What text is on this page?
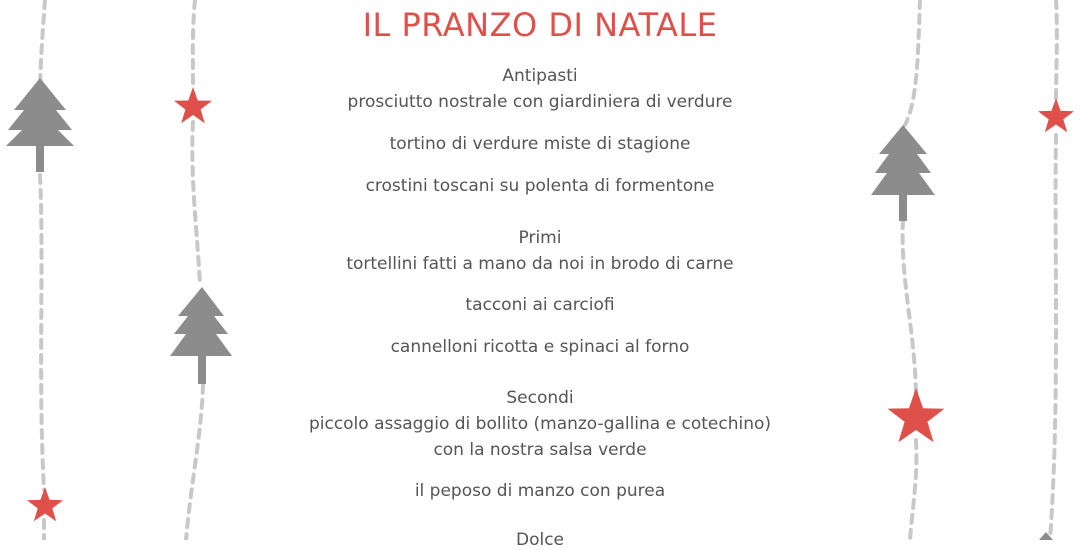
IL PRANZO DI NATALE
Antipasti
prosciutto nostrale con giardiniera di verdure
tortino di verdure miste di stagione
crostini toscani su polenta di formentone
Primi
tortellini fatti a mano da noi in brodo di carne
tacconi ai carciofi
cannelloni ricotta e spinaci al forno
Secondi
piccolo assaggio di bollito (manzo-gallina e cotechino)
con la nostra salsa verde
il peposo di manzo con purea
Dolce
